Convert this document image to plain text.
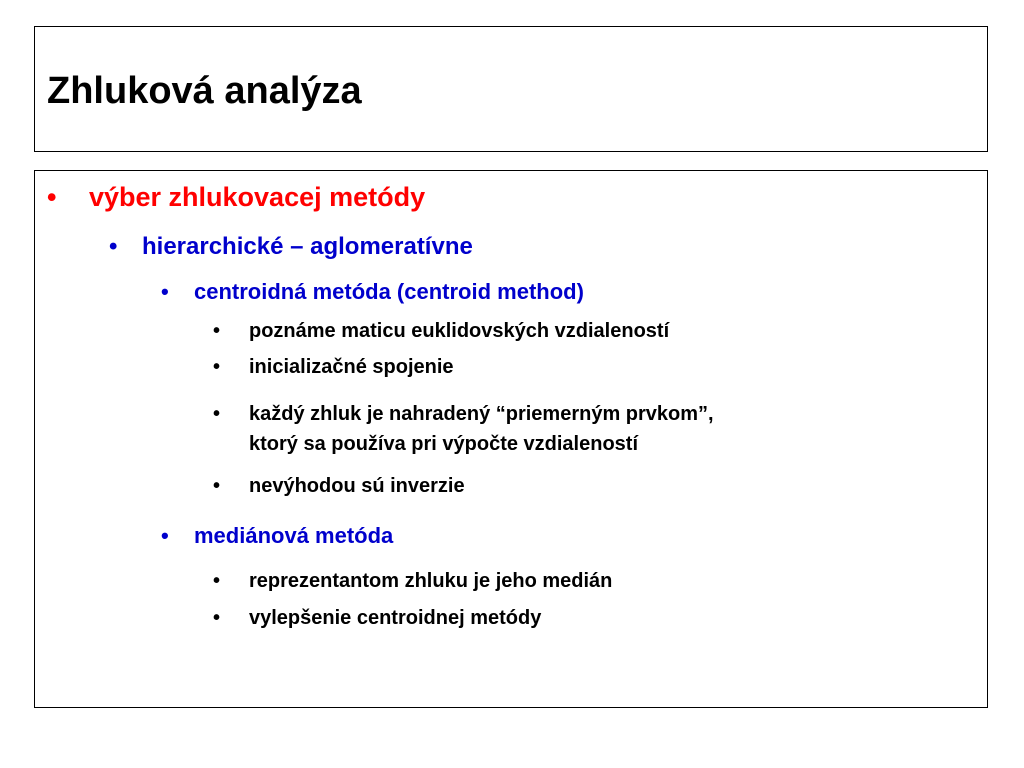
Zhluková analýza
• výber zhlukovacej metódy
• hierarchické – aglomeratívne
• centroidná metóda (centroid method)
• poznáme maticu euklidovských vzdialeností
• inicializačné spojenie
• každý zhluk je nahradený “priemerným prvkom”,
ktorý sa používa pri výpočte vzdialeností
• nevýhodou sú inverzie
• mediánová metóda
• reprezentantom zhluku je jeho medián
• vylepšenie centroidnej metódy
